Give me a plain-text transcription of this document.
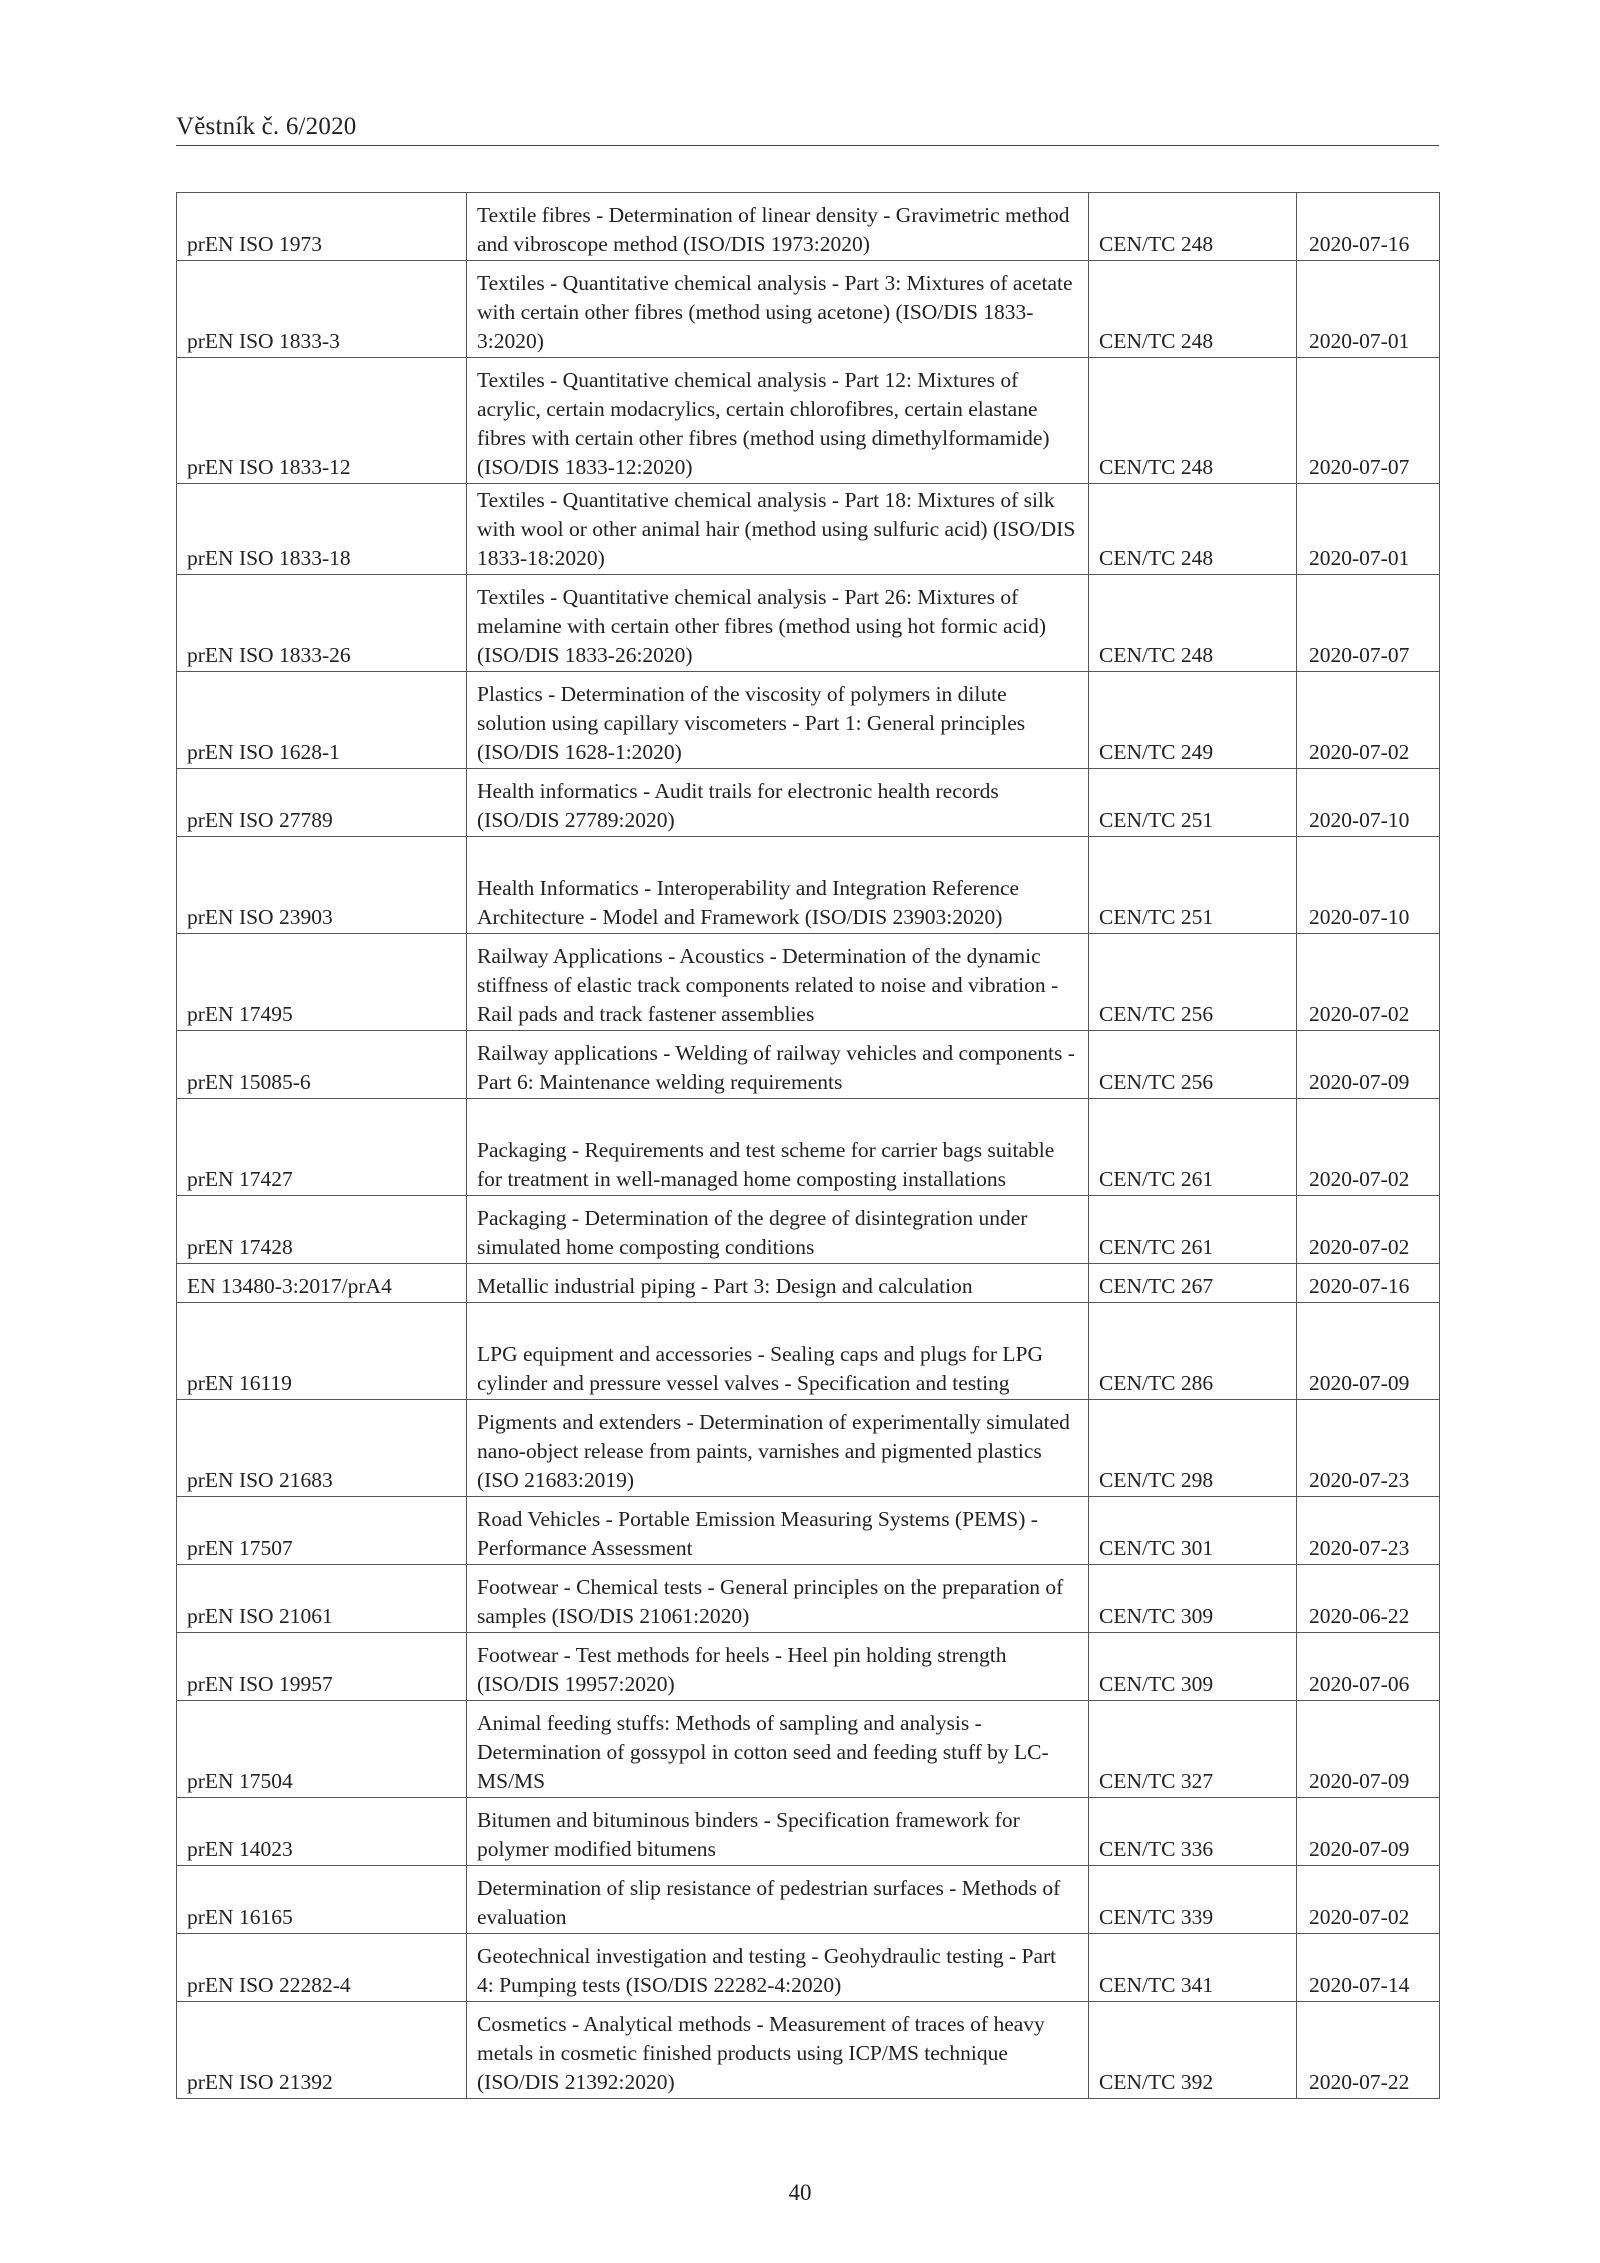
Věstník č. 6/2020
prEN ISO 1973	Textile fibres - Determination of linear density - Gravimetric method and vibroscope method (ISO/DIS 1973:2020)	CEN/TC 248	2020-07-16
prEN ISO 1833-3	Textiles - Quantitative chemical analysis - Part 3: Mixtures of acetate with certain other fibres (method using acetone) (ISO/DIS 1833-3:2020)	CEN/TC 248	2020-07-01
prEN ISO 1833-12	Textiles - Quantitative chemical analysis - Part 12: Mixtures of acrylic, certain modacrylics, certain chlorofibres, certain elastane fibres with certain other fibres (method using dimethylformamide) (ISO/DIS 1833-12:2020)	CEN/TC 248	2020-07-07
prEN ISO 1833-18	Textiles - Quantitative chemical analysis - Part 18: Mixtures of silk with wool or other animal hair (method using sulfuric acid) (ISO/DIS 1833-18:2020)	CEN/TC 248	2020-07-01
prEN ISO 1833-26	Textiles - Quantitative chemical analysis - Part 26: Mixtures of melamine with certain other fibres (method using hot formic acid) (ISO/DIS 1833-26:2020)	CEN/TC 248	2020-07-07
prEN ISO 1628-1	Plastics - Determination of the viscosity of polymers in dilute solution using capillary viscometers - Part 1: General principles (ISO/DIS 1628-1:2020)	CEN/TC 249	2020-07-02
prEN ISO 27789	Health informatics - Audit trails for electronic health records (ISO/DIS 27789:2020)	CEN/TC 251	2020-07-10
prEN ISO 23903	Health Informatics - Interoperability and Integration Reference Architecture - Model and Framework (ISO/DIS 23903:2020)	CEN/TC 251	2020-07-10
prEN 17495	Railway Applications - Acoustics - Determination of the dynamic stiffness of elastic track components related to noise and vibration - Rail pads and track fastener assemblies	CEN/TC 256	2020-07-02
prEN 15085-6	Railway applications - Welding of railway vehicles and components - Part 6: Maintenance welding requirements	CEN/TC 256	2020-07-09
prEN 17427	Packaging - Requirements and test scheme for carrier bags suitable for treatment in well-managed home composting installations	CEN/TC 261	2020-07-02
prEN 17428	Packaging - Determination of the degree of disintegration under simulated home composting conditions	CEN/TC 261	2020-07-02
EN 13480-3:2017/prA4	Metallic industrial piping - Part 3: Design and calculation	CEN/TC 267	2020-07-16
prEN 16119	LPG equipment and accessories - Sealing caps and plugs for LPG cylinder and pressure vessel valves - Specification and testing	CEN/TC 286	2020-07-09
prEN ISO 21683	Pigments and extenders - Determination of experimentally simulated nano-object release from paints, varnishes and pigmented plastics (ISO 21683:2019)	CEN/TC 298	2020-07-23
prEN 17507	Road Vehicles - Portable Emission Measuring Systems (PEMS) - Performance Assessment	CEN/TC 301	2020-07-23
prEN ISO 21061	Footwear - Chemical tests - General principles on the preparation of samples (ISO/DIS 21061:2020)	CEN/TC 309	2020-06-22
prEN ISO 19957	Footwear - Test methods for heels - Heel pin holding strength (ISO/DIS 19957:2020)	CEN/TC 309	2020-07-06
prEN 17504	Animal feeding stuffs: Methods of sampling and analysis - Determination of gossypol in cotton seed and feeding stuff by LC-MS/MS	CEN/TC 327	2020-07-09
prEN 14023	Bitumen and bituminous binders - Specification framework for polymer modified bitumens	CEN/TC 336	2020-07-09
prEN 16165	Determination of slip resistance of pedestrian surfaces - Methods of evaluation	CEN/TC 339	2020-07-02
prEN ISO 22282-4	Geotechnical investigation and testing - Geohydraulic testing - Part 4: Pumping tests (ISO/DIS 22282-4:2020)	CEN/TC 341	2020-07-14
prEN ISO 21392	Cosmetics - Analytical methods - Measurement of traces of heavy metals in cosmetic finished products using ICP/MS technique (ISO/DIS 21392:2020)	CEN/TC 392	2020-07-22
40
